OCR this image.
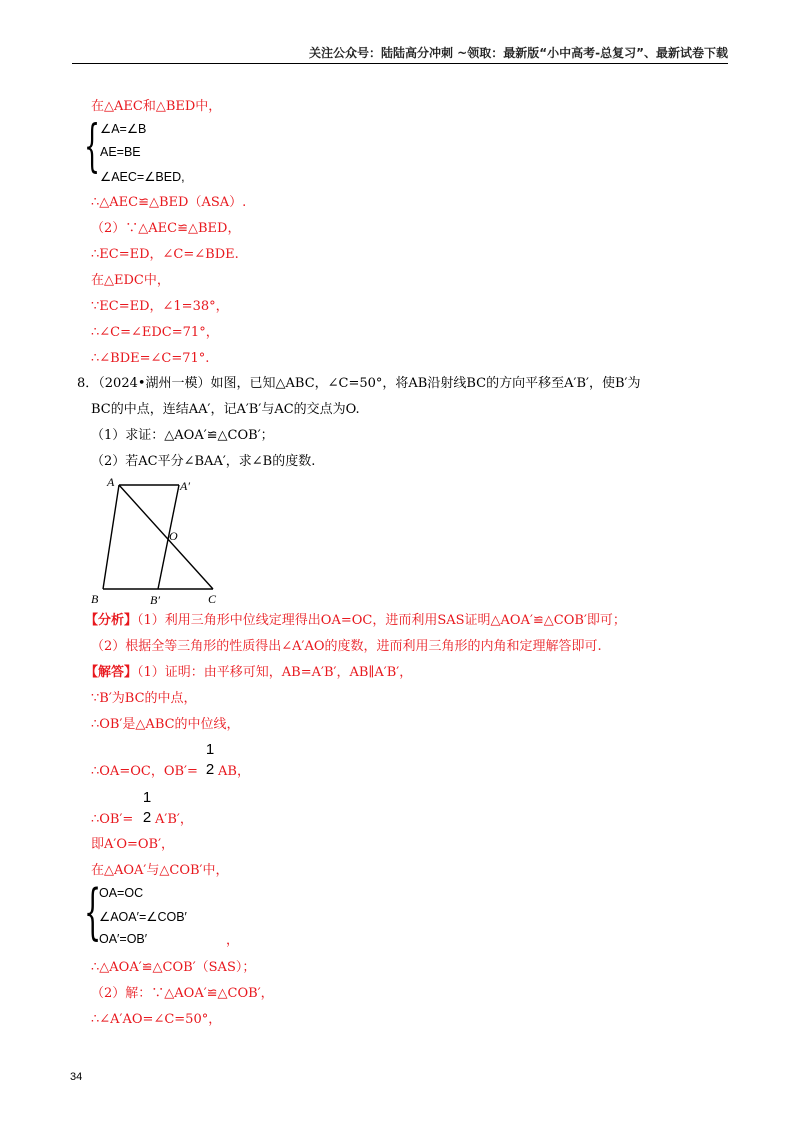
关注公众号：陆陆高分冲刺 ~领取：最新版“小中高考-总复习”、最新试卷下载
在△AEC和△BED中，
{ ∠A=∠B
AE=BE
∠AEC=∠BED,
∴△AEC≌△BED（ASA）.
（2）∵△AEC≌△BED，
∴EC=ED，∠C=∠BDE.
在△EDC中，
∵EC=ED，∠1=38°，
∴∠C=∠EDC=71°，
∴∠BDE=∠C=71°.
8．（2024•湖州一模）如图，已知△ABC，∠C=50°，将AB沿射线BC的方向平移至A′B′，使B′为
BC的中点，连结AA′，记A′B′与AC的交点为O.
（1）求证：△AOA′≌△COB′；
（2）若AC平分∠BAA′，求∠B的度数.
A	A′
O
B	B′	C
【分析】（1）利用三角形中位线定理得出OA=OC，进而利用SAS证明△AOA′≌△COB′即可；
（2）根据全等三角形的性质得出∠A′AO的度数，进而利用三角形的内角和定理解答即可.
【解答】（1）证明：由平移可知，AB=A′B′，AB∥A′B′，
∵B′为BC的中点，
∴OB′是△ABC的中位线，
∴OA=OC，OB′=
1
2 AB，
∴OB′=
1
2 A′B′，
即A′O=OB′，
在△AOA′与△COB′中，
{
OA=OC
∠AOA′=∠COB′
OA′=OB′	，
∴△AOA′≌△COB′（SAS）；
（2）解：∵△AOA′≌△COB′，
∴∠A′AO=∠C=50°，
34
